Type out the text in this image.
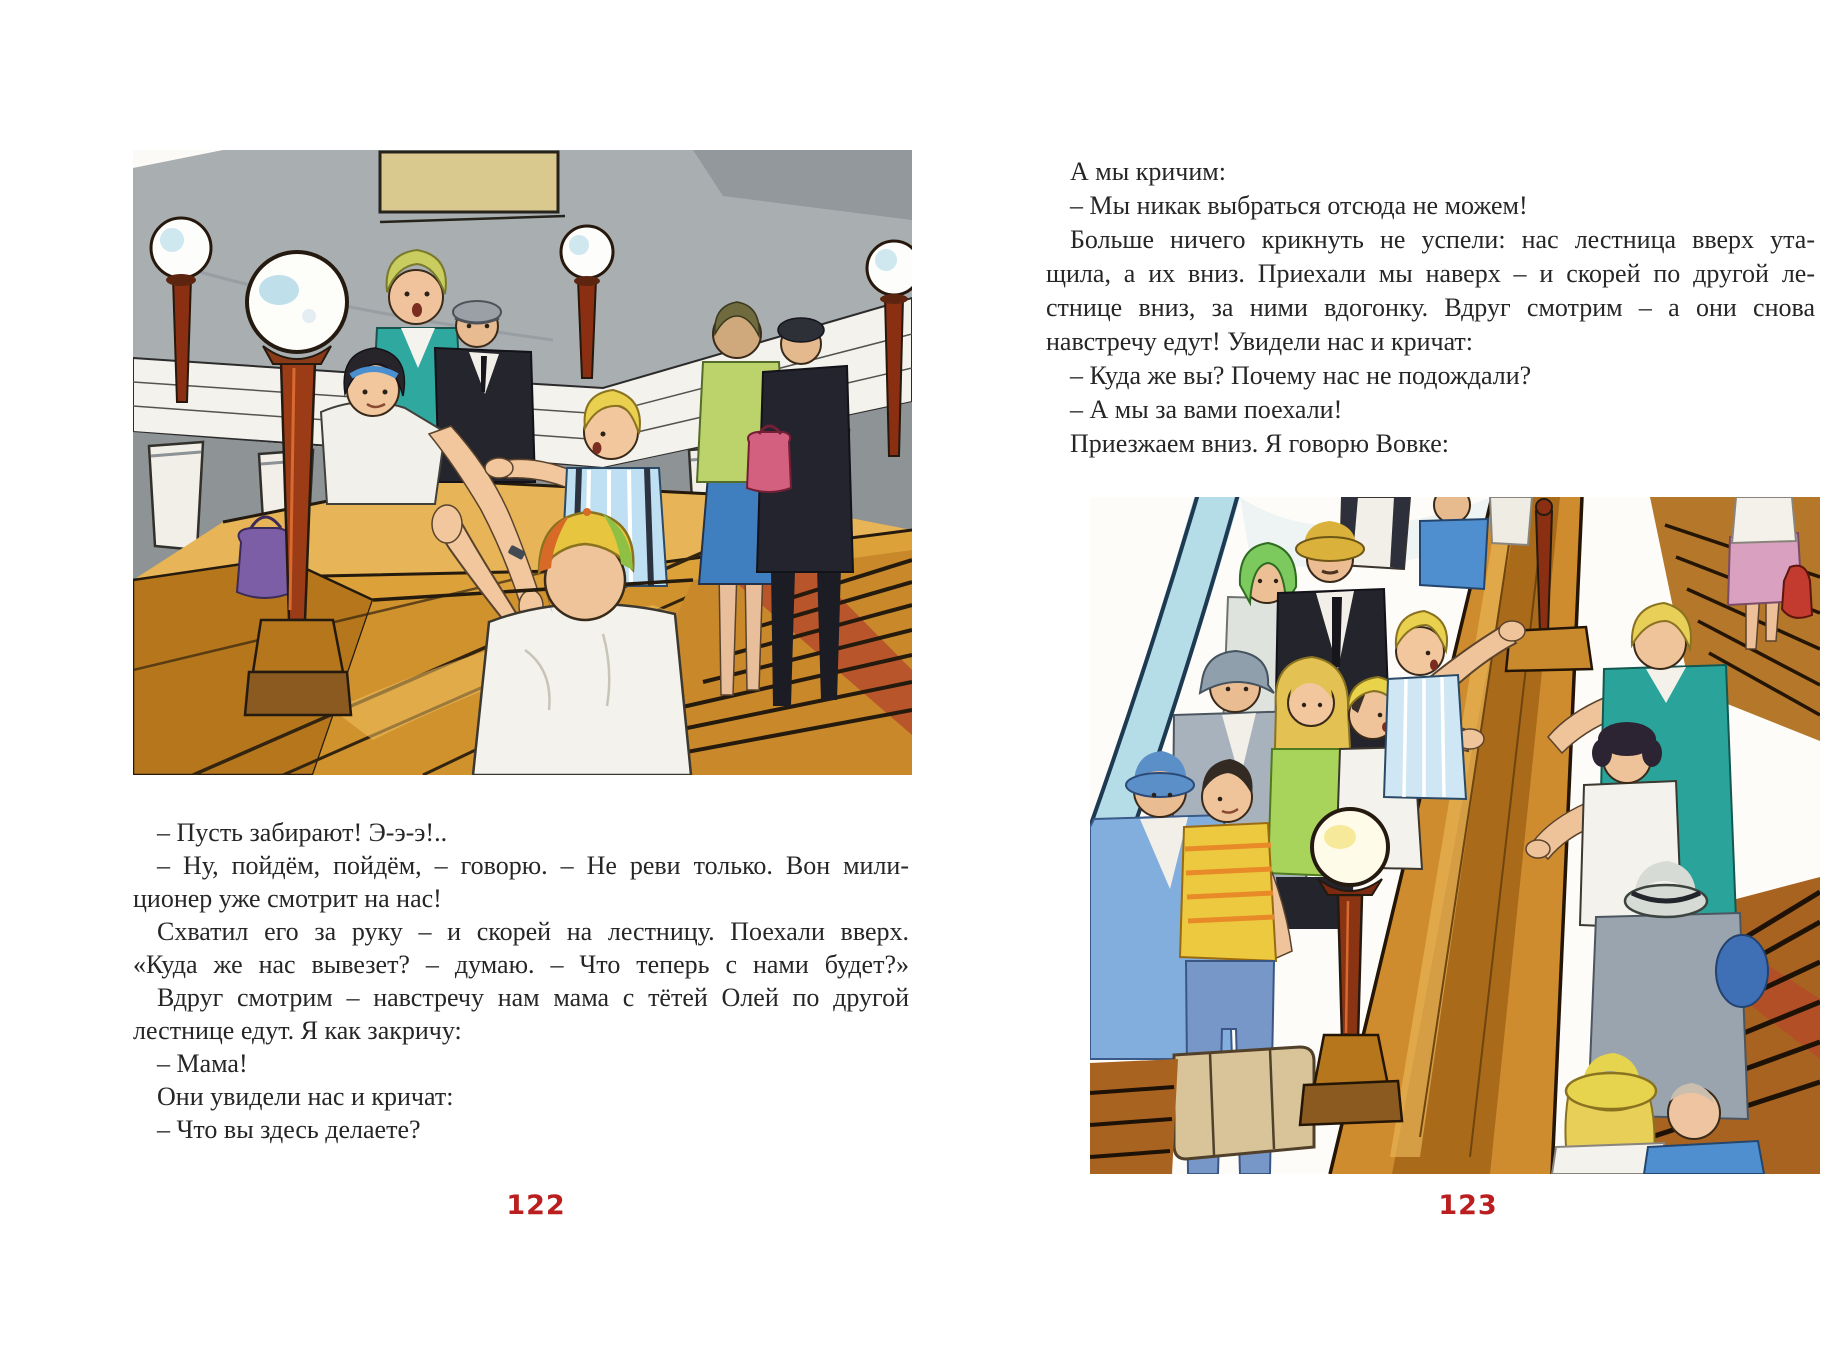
– Пусть забирают! Э-э-э!..
– Ну, пойдём, пойдём, – говорю. – Не реви только. Вон мили-
ционер уже смотрит на нас!
Схватил его за руку – и скорей на лестницу. Поехали вверх.
«Куда же нас вывезет? – думаю. – Что теперь с нами будет?»
Вдруг смотрим – навстречу нам мама с тётей Олей по другой
лестнице едут. Я как закричу:
– Мама!
Они увидели нас и кричат:
– Что вы здесь делаете?
122
А мы кричим:
– Мы никак выбраться отсюда не можем!
Больше ничего крикнуть не успели: нас лестница вверх ута-
щила, а их вниз. Приехали мы наверх – и скорей по другой ле-
стнице вниз, за ними вдогонку. Вдруг смотрим – а они снова
навстречу едут! Увидели нас и кричат:
– Куда же вы? Почему нас не подождали?
– А мы за вами поехали!
Приезжаем вниз. Я говорю Вовке:
123
